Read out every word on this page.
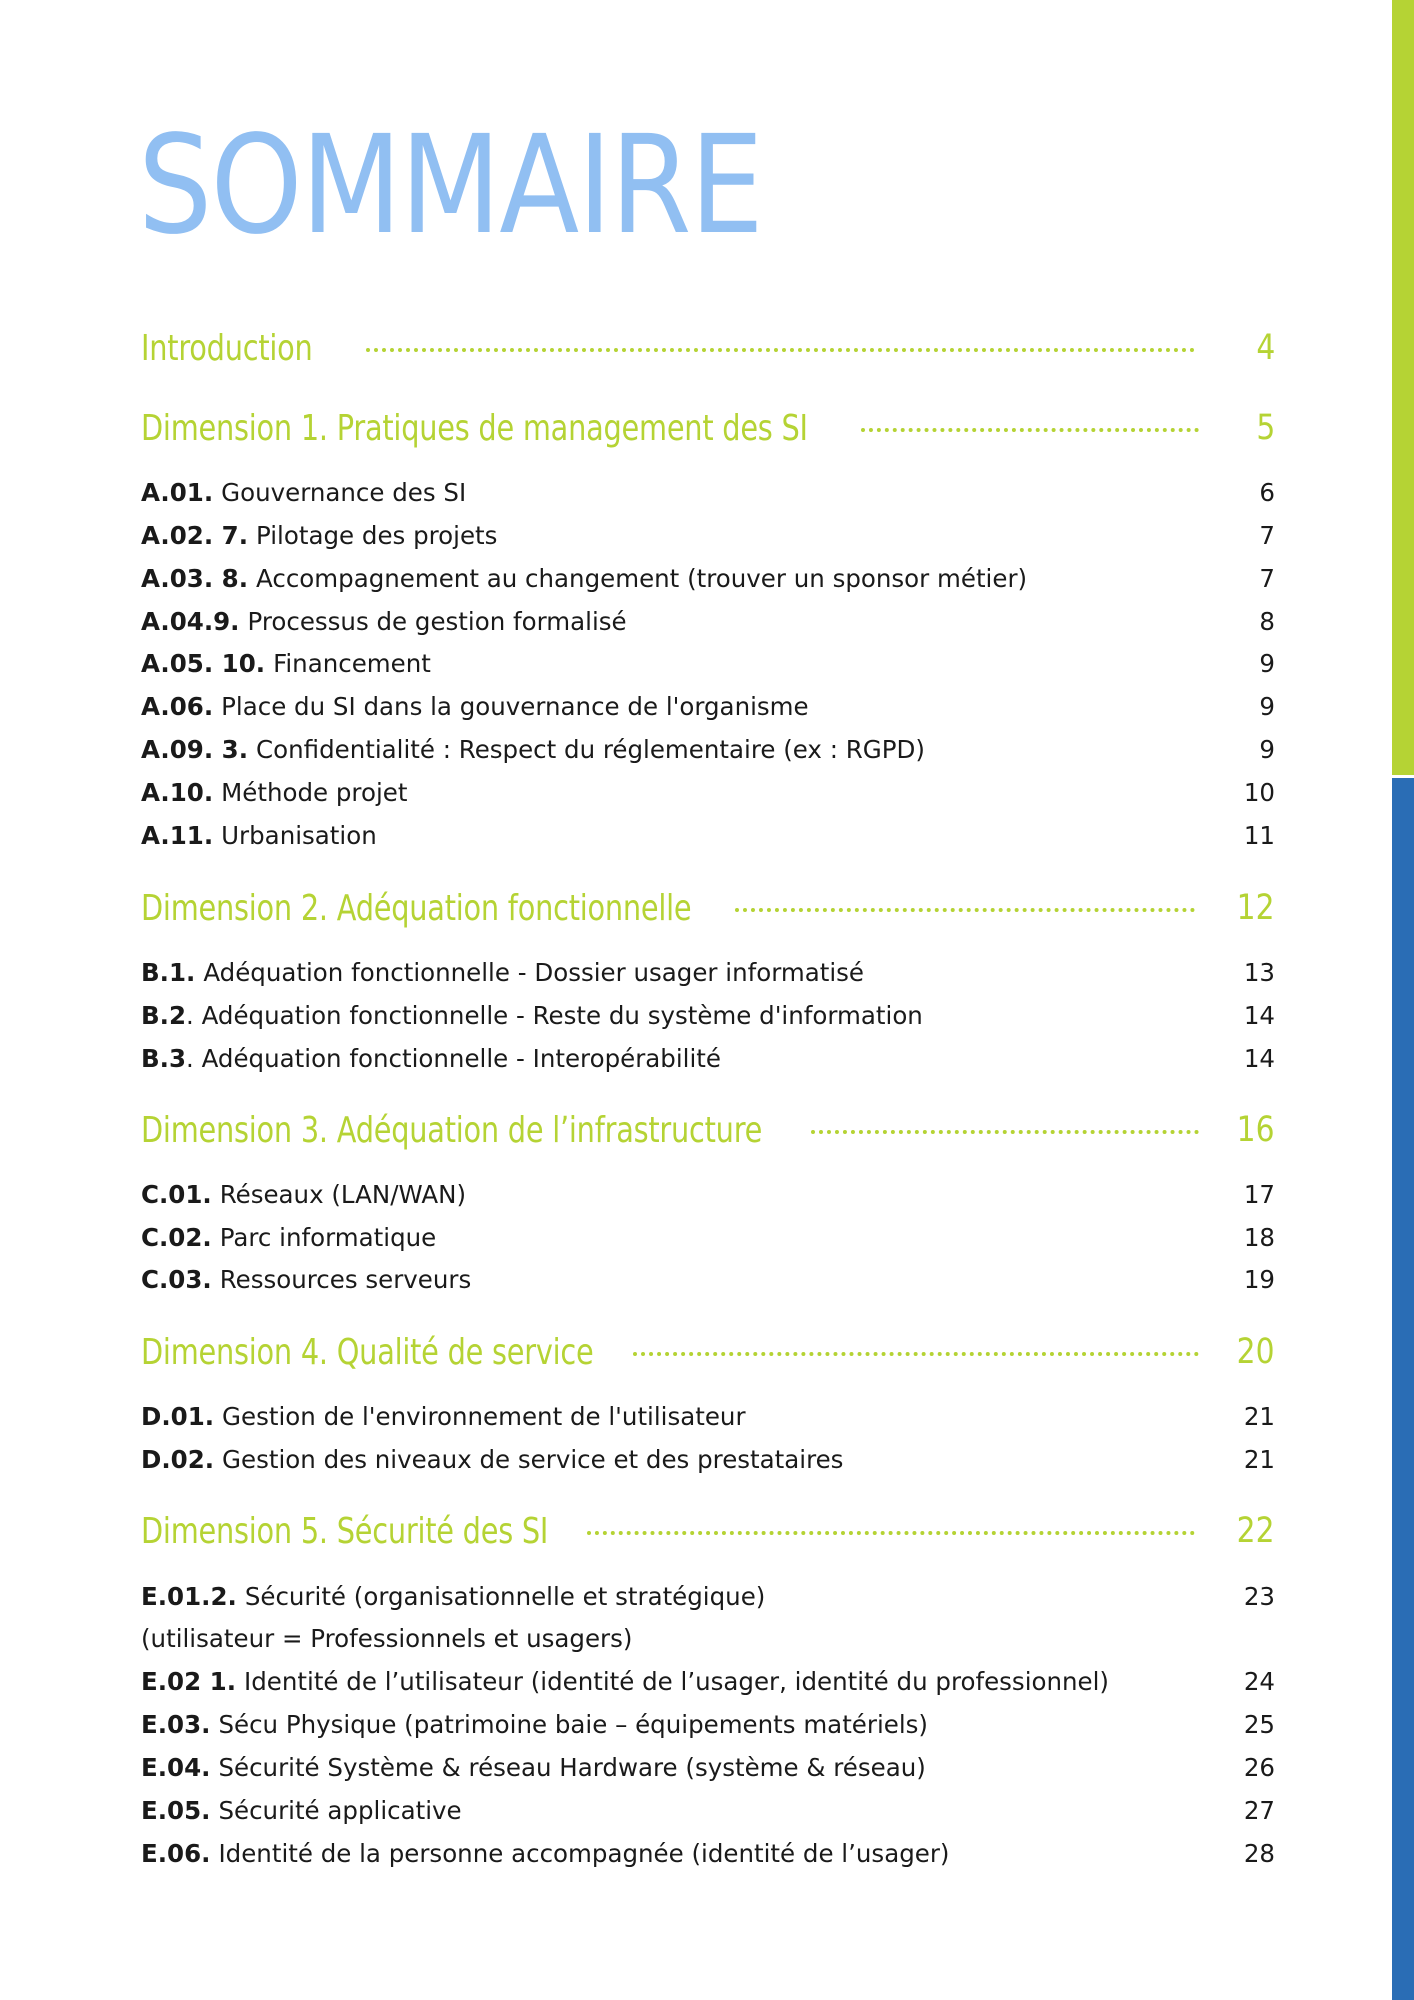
SOMMAIRE
Introduction	4
Dimension 1. Pratiques de management des SI	5
A.01. Gouvernance des SI	6
A.02. 7. Pilotage des projets	7
A.03. 8. Accompagnement au changement (trouver un sponsor métier)	7
A.04.9. Processus de gestion formalisé	8
A.05. 10. Financement	9
A.06. Place du SI dans la gouvernance de l'organisme	9
A.09. 3. Confidentialité : Respect du réglementaire (ex : RGPD)	9
A.10. Méthode projet	10
A.11. Urbanisation	11
Dimension 2. Adéquation fonctionnelle	12
B.1. Adéquation fonctionnelle - Dossier usager informatisé	13
B.2 . Adéquation fonctionnelle - Reste du système d'information	14
B.3 . Adéquation fonctionnelle - Interopérabilité	14
Dimension 3. Adéquation de l’infrastructure	16
C.01. Réseaux (LAN/WAN)	17
C.02. Parc informatique	18
C.03. Ressources serveurs	19
Dimension 4. Qualité de service	20
D.01. Gestion de l'environnement de l'utilisateur	21
D.02. Gestion des niveaux de service et des prestataires	21
Dimension 5. Sécurité des SI	22
E.01.2. Sécurité (organisationnelle et stratégique)	23
(utilisateur = Professionnels et usagers)
E.02 1. Identité de l’utilisateur (identité de l’usager, identité du professionnel)	24
E.03. Sécu Physique (patrimoine baie – équipements matériels)	25
E.04. Sécurité Système & réseau Hardware (système & réseau)	26
E.05. Sécurité applicative	27
E.06. Identité de la personne accompagnée (identité de l’usager)	28
